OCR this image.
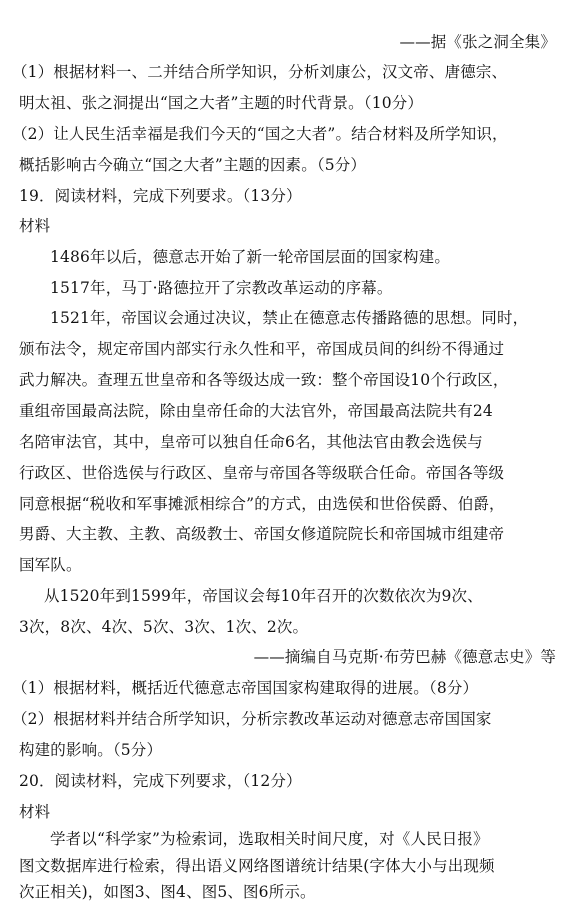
——据《张之洞全集》
（1）根据材料一、二并结合所学知识，分析刘康公，汉文帝、唐德宗、
明太祖、张之洞提出“国之大者”主题的时代背景。（10分）
（2）让人民生活幸福是我们今天的“国之大者”。结合材料及所学知识，
概括影响古今确立“国之大者”主题的因素。（5分）
19．阅读材料，完成下列要求。（13分）
材料
1486年以后，德意志开始了新一轮帝国层面的国家构建。
1517年，马丁·路德拉开了宗教改革运动的序幕。
1521年，帝国议会通过决议，禁止在德意志传播路德的思想。同时，
颁布法令，规定帝国内部实行永久性和平，帝国成员间的纠纷不得通过
武力解决。查理五世皇帝和各等级达成一致：整个帝国设10个行政区，
重组帝国最高法院，除由皇帝任命的大法官外，帝国最高法院共有24
名陪审法官，其中，皇帝可以独自任命6名，其他法官由教会选侯与
行政区、世俗选侯与行政区、皇帝与帝国各等级联合任命。帝国各等级
同意根据“税收和军事摊派相综合”的方式，由选侯和世俗侯爵、伯爵，
男爵、大主教、主教、高级教士、帝国女修道院院长和帝国城市组建帝
国军队。
从1520年到1599年，帝国议会每10年召开的次数依次为9次、
3次，8次、4次、5次、3次、1次、2次。
——摘编自马克斯·布劳巴赫《德意志史》等
（1）根据材料，概括近代德意志帝国国家构建取得的进展。（8分）
（2）根据材料并结合所学知识，分析宗教改革运动对德意志帝国国家
构建的影响。（5分）
20．阅读材料，完成下列要求，（12分）
材料
学者以“科学家”为检索词，选取相关时间尺度，对《人民日报》
图文数据库进行检索，得出语义网络图谱统计结果(字体大小与出现频
次正相关)，如图3、图4、图5、图6所示。
